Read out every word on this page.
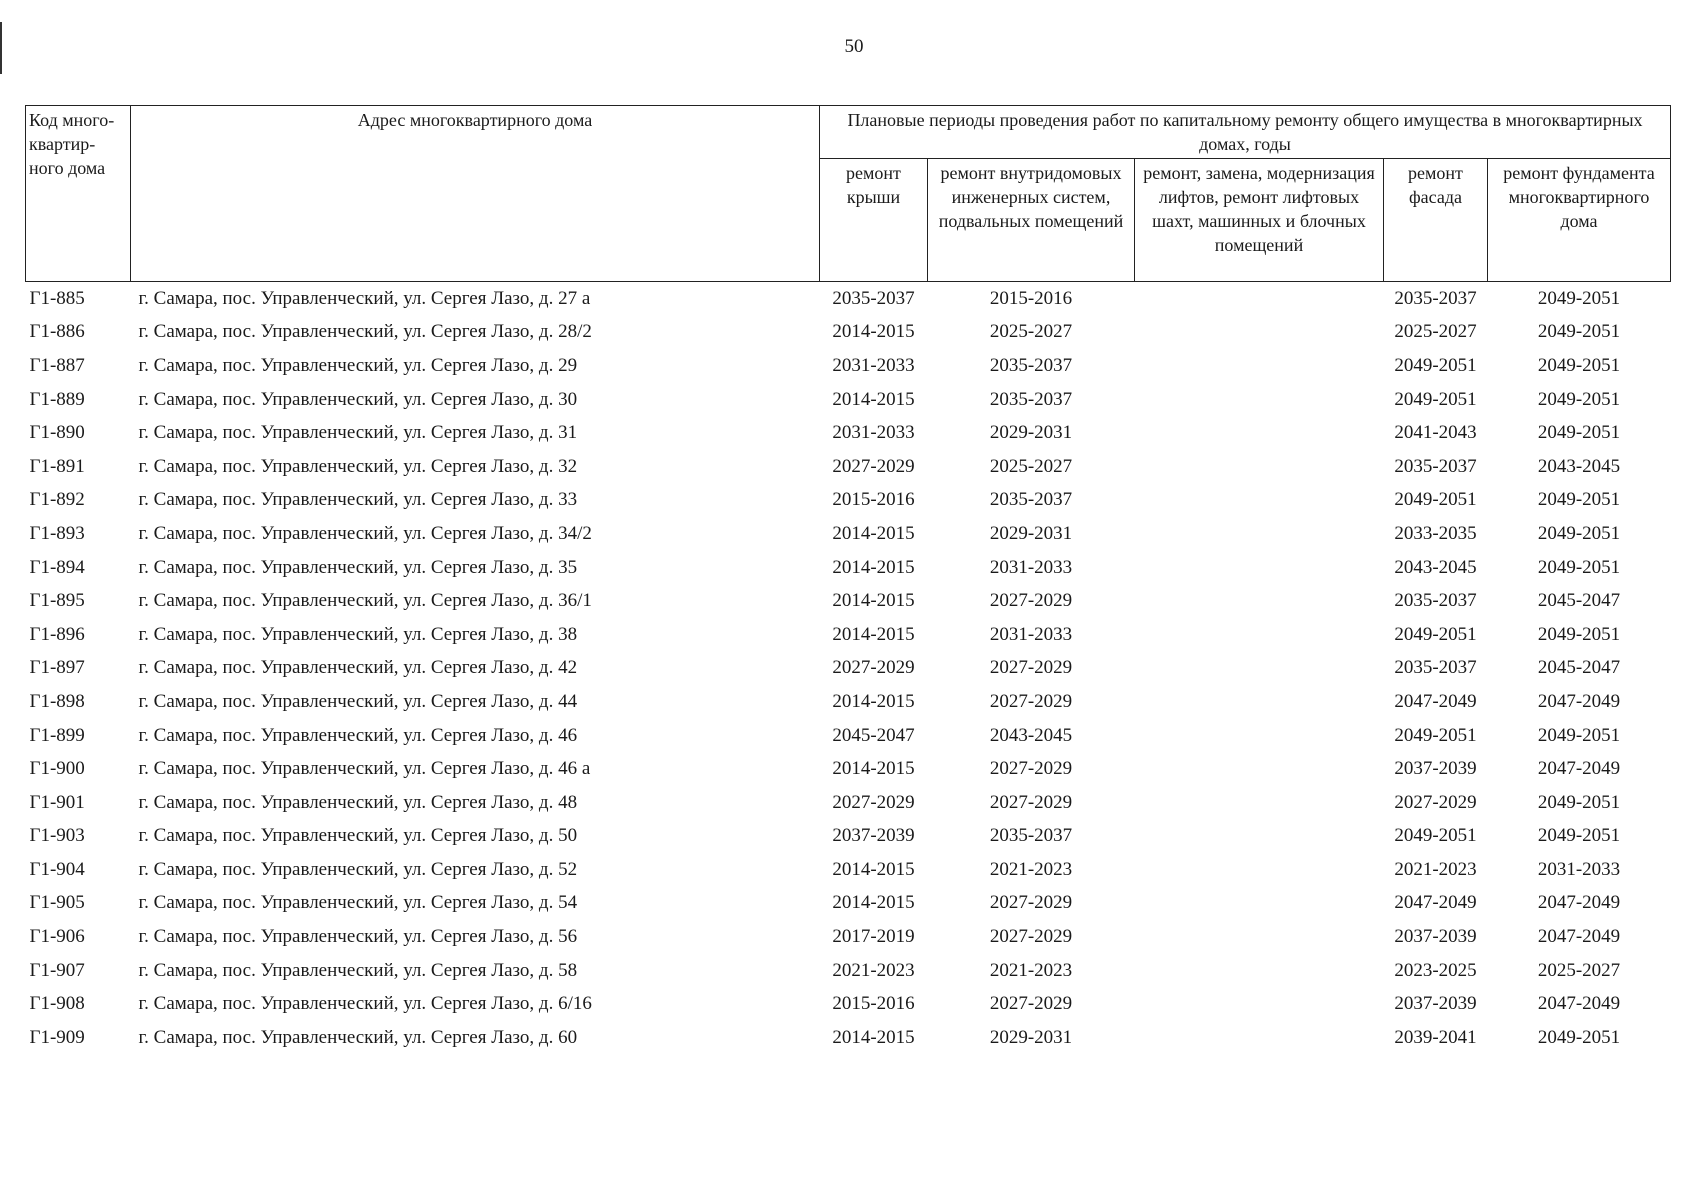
50
Код много-квартир-ного дома	Адрес многоквартирного дома	Плановые периоды проведения работ по капитальному ремонту общего имущества в многоквартирных домах, годы				
		ремонт крыши	ремонт внутридомовых инженерных систем, подвальных помещений	ремонт, замена, модернизация лифтов, ремонт лифтовых шахт, машинных и блочных помещений	ремонт фасада	ремонт фундамента многоквартирного дома
Г1-885	г. Самара, пос. Управленческий, ул. Сергея Лазо, д. 27 а	2035-2037	2015-2016		2035-2037	2049-2051
Г1-886	г. Самара, пос. Управленческий, ул. Сергея Лазо, д. 28/2	2014-2015	2025-2027		2025-2027	2049-2051
Г1-887	г. Самара, пос. Управленческий, ул. Сергея Лазо, д. 29	2031-2033	2035-2037		2049-2051	2049-2051
Г1-889	г. Самара, пос. Управленческий, ул. Сергея Лазо, д. 30	2014-2015	2035-2037		2049-2051	2049-2051
Г1-890	г. Самара, пос. Управленческий, ул. Сергея Лазо, д. 31	2031-2033	2029-2031		2041-2043	2049-2051
Г1-891	г. Самара, пос. Управленческий, ул. Сергея Лазо, д. 32	2027-2029	2025-2027		2035-2037	2043-2045
Г1-892	г. Самара, пос. Управленческий, ул. Сергея Лазо, д. 33	2015-2016	2035-2037		2049-2051	2049-2051
Г1-893	г. Самара, пос. Управленческий, ул. Сергея Лазо, д. 34/2	2014-2015	2029-2031		2033-2035	2049-2051
Г1-894	г. Самара, пос. Управленческий, ул. Сергея Лазо, д. 35	2014-2015	2031-2033		2043-2045	2049-2051
Г1-895	г. Самара, пос. Управленческий, ул. Сергея Лазо, д. 36/1	2014-2015	2027-2029		2035-2037	2045-2047
Г1-896	г. Самара, пос. Управленческий, ул. Сергея Лазо, д. 38	2014-2015	2031-2033		2049-2051	2049-2051
Г1-897	г. Самара, пос. Управленческий, ул. Сергея Лазо, д. 42	2027-2029	2027-2029		2035-2037	2045-2047
Г1-898	г. Самара, пос. Управленческий, ул. Сергея Лазо, д. 44	2014-2015	2027-2029		2047-2049	2047-2049
Г1-899	г. Самара, пос. Управленческий, ул. Сергея Лазо, д. 46	2045-2047	2043-2045		2049-2051	2049-2051
Г1-900	г. Самара, пос. Управленческий, ул. Сергея Лазо, д. 46 а	2014-2015	2027-2029		2037-2039	2047-2049
Г1-901	г. Самара, пос. Управленческий, ул. Сергея Лазо, д. 48	2027-2029	2027-2029		2027-2029	2049-2051
Г1-903	г. Самара, пос. Управленческий, ул. Сергея Лазо, д. 50	2037-2039	2035-2037		2049-2051	2049-2051
Г1-904	г. Самара, пос. Управленческий, ул. Сергея Лазо, д. 52	2014-2015	2021-2023		2021-2023	2031-2033
Г1-905	г. Самара, пос. Управленческий, ул. Сергея Лазо, д. 54	2014-2015	2027-2029		2047-2049	2047-2049
Г1-906	г. Самара, пос. Управленческий, ул. Сергея Лазо, д. 56	2017-2019	2027-2029		2037-2039	2047-2049
Г1-907	г. Самара, пос. Управленческий, ул. Сергея Лазо, д. 58	2021-2023	2021-2023		2023-2025	2025-2027
Г1-908	г. Самара, пос. Управленческий, ул. Сергея Лазо, д. 6/16	2015-2016	2027-2029		2037-2039	2047-2049
Г1-909	г. Самара, пос. Управленческий, ул. Сергея Лазо, д. 60	2014-2015	2029-2031		2039-2041	2049-2051
